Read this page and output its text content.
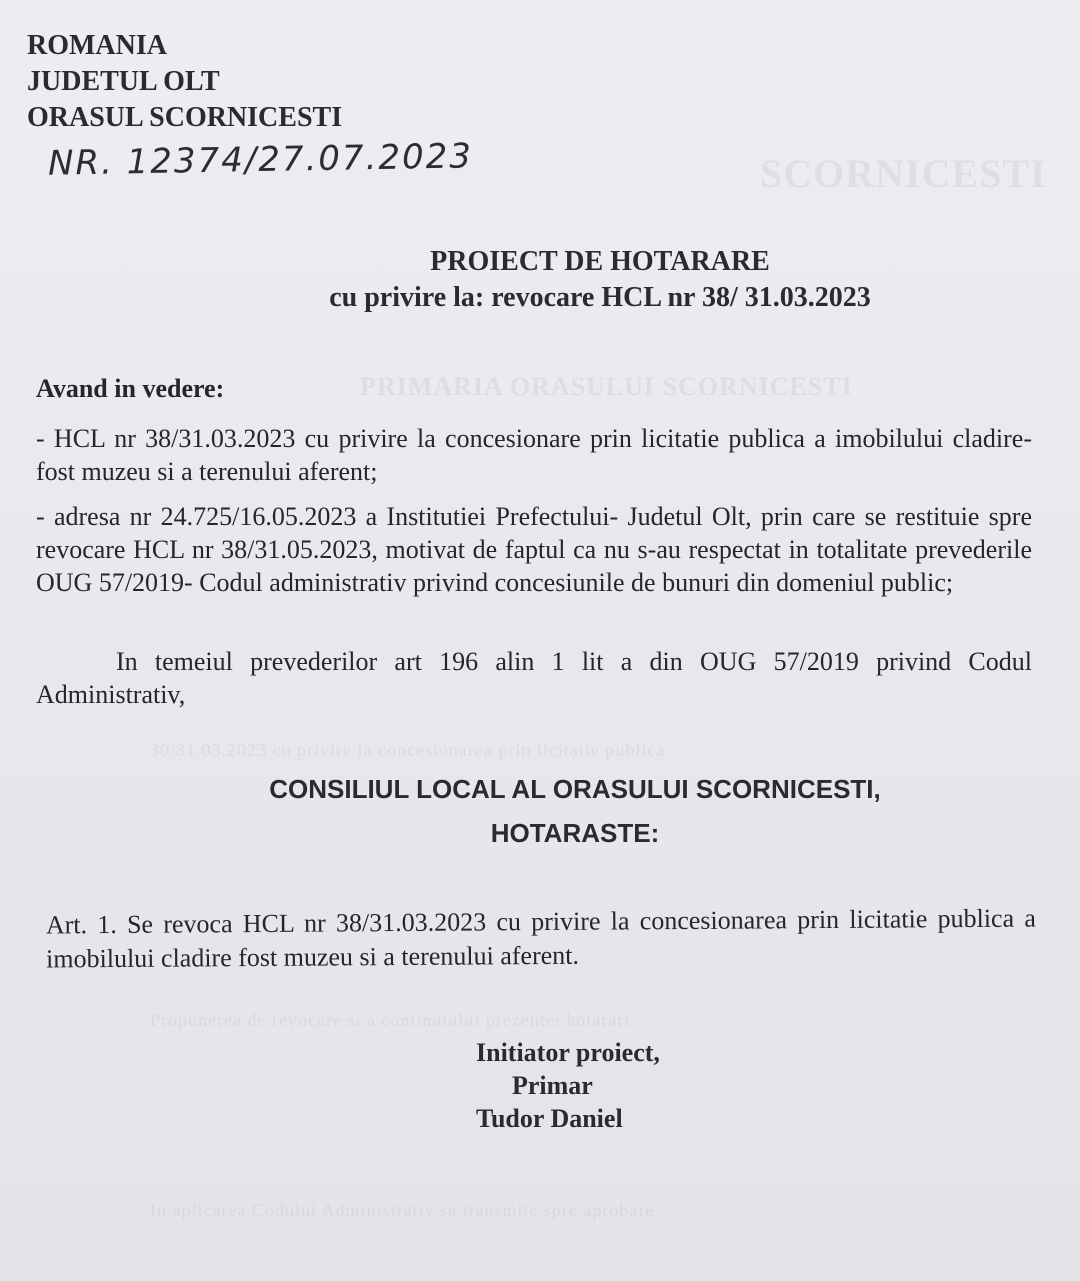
SCORNICESTI
PRIMARIA ORASULUI SCORNICESTI
30/31.03.2023 cu privire la concesionarea prin licitatie publica
Propunerea de revocare si a continutului prezentei hotarari
In aplicarea Codului Administrativ se transmite spre aprobare
ROMANIA
JUDETUL OLT
ORASUL SCORNICESTI
NR. 12374/27.07.2023
PROIECT DE HOTARARE
cu privire la: revocare HCL nr 38/ 31.03.2023
Avand in vedere:
- HCL nr 38/31.03.2023 cu privire la concesionare prin licitatie publica a imobilului cladire- fost muzeu si a terenului aferent;
- adresa nr 24.725/16.05.2023 a Institutiei Prefectului- Judetul Olt, prin care se restituie spre revocare HCL nr 38/31.05.2023, motivat de faptul ca nu s-au respectat in totalitate prevederile OUG 57/2019- Codul administrativ privind concesiunile de bunuri din domeniul public;
In temeiul prevederilor art 196 alin 1 lit a din OUG 57/2019 privind Codul Administrativ,
CONSILIUL LOCAL AL ORASULUI SCORNICESTI,
HOTARASTE:
Art. 1. Se revoca HCL nr 38/31.03.2023 cu privire la concesionarea prin licitatie publica a imobilului cladire fost muzeu si a terenului aferent.
Initiator proiect,
Primar
Tudor Daniel
